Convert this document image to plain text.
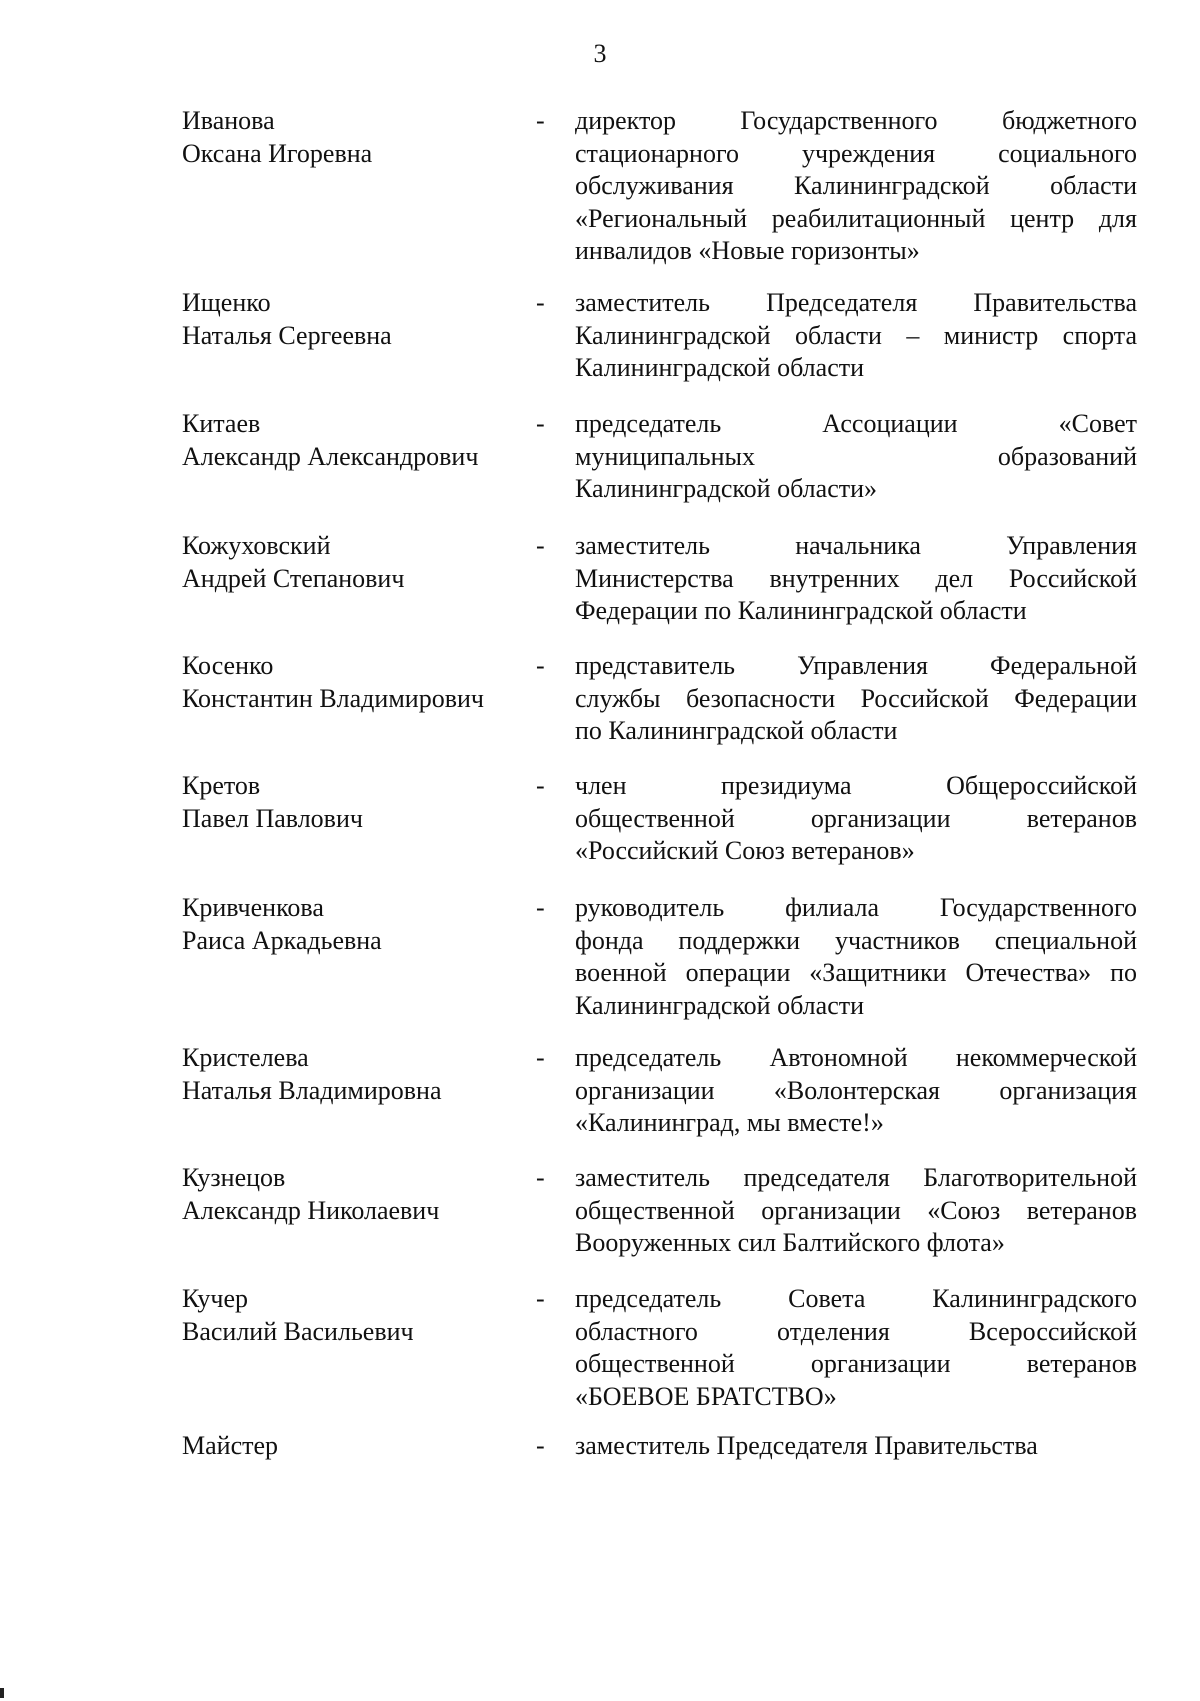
3
Иванова
Оксана Игоревна
- директор Государственного бюджетного
стационарного учреждения социального
обслуживания Калининградской области
«Региональный реабилитационный центр для
инвалидов «Новые горизонты»
Ищенко
Наталья Сергеевна
- заместитель Председателя Правительства
Калининградской области – министр спорта
Калининградской области
Китаев
Александр Александрович
- председатель Ассоциации «Совет
муниципальных образований
Калининградской области»
Кожуховский
Андрей Степанович
- заместитель начальника Управления
Министерства внутренних дел Российской
Федерации по Калининградской области
Косенко
Константин Владимирович
- представитель Управления Федеральной
службы безопасности Российской Федерации
по Калининградской области
Кретов
Павел Павлович
- член президиума Общероссийской
общественной организации ветеранов
«Российский Союз ветеранов»
Кривченкова
Раиса Аркадьевна
- руководитель филиала Государственного
фонда поддержки участников специальной
военной операции «Защитники Отечества» по
Калининградской области
Кристелева
Наталья Владимировна
- председатель Автономной некоммерческой
организации «Волонтерская организация
«Калининград, мы вместе!»
Кузнецов
Александр Николаевич
- заместитель председателя Благотворительной
общественной организации «Союз ветеранов
Вооруженных сил Балтийского флота»
Кучер
Василий Васильевич
- председатель Совета Калининградского
областного отделения Всероссийской
общественной организации ветеранов
«БОЕВОЕ БРАТСТВО»
Майстер	- заместитель Председателя Правительства
